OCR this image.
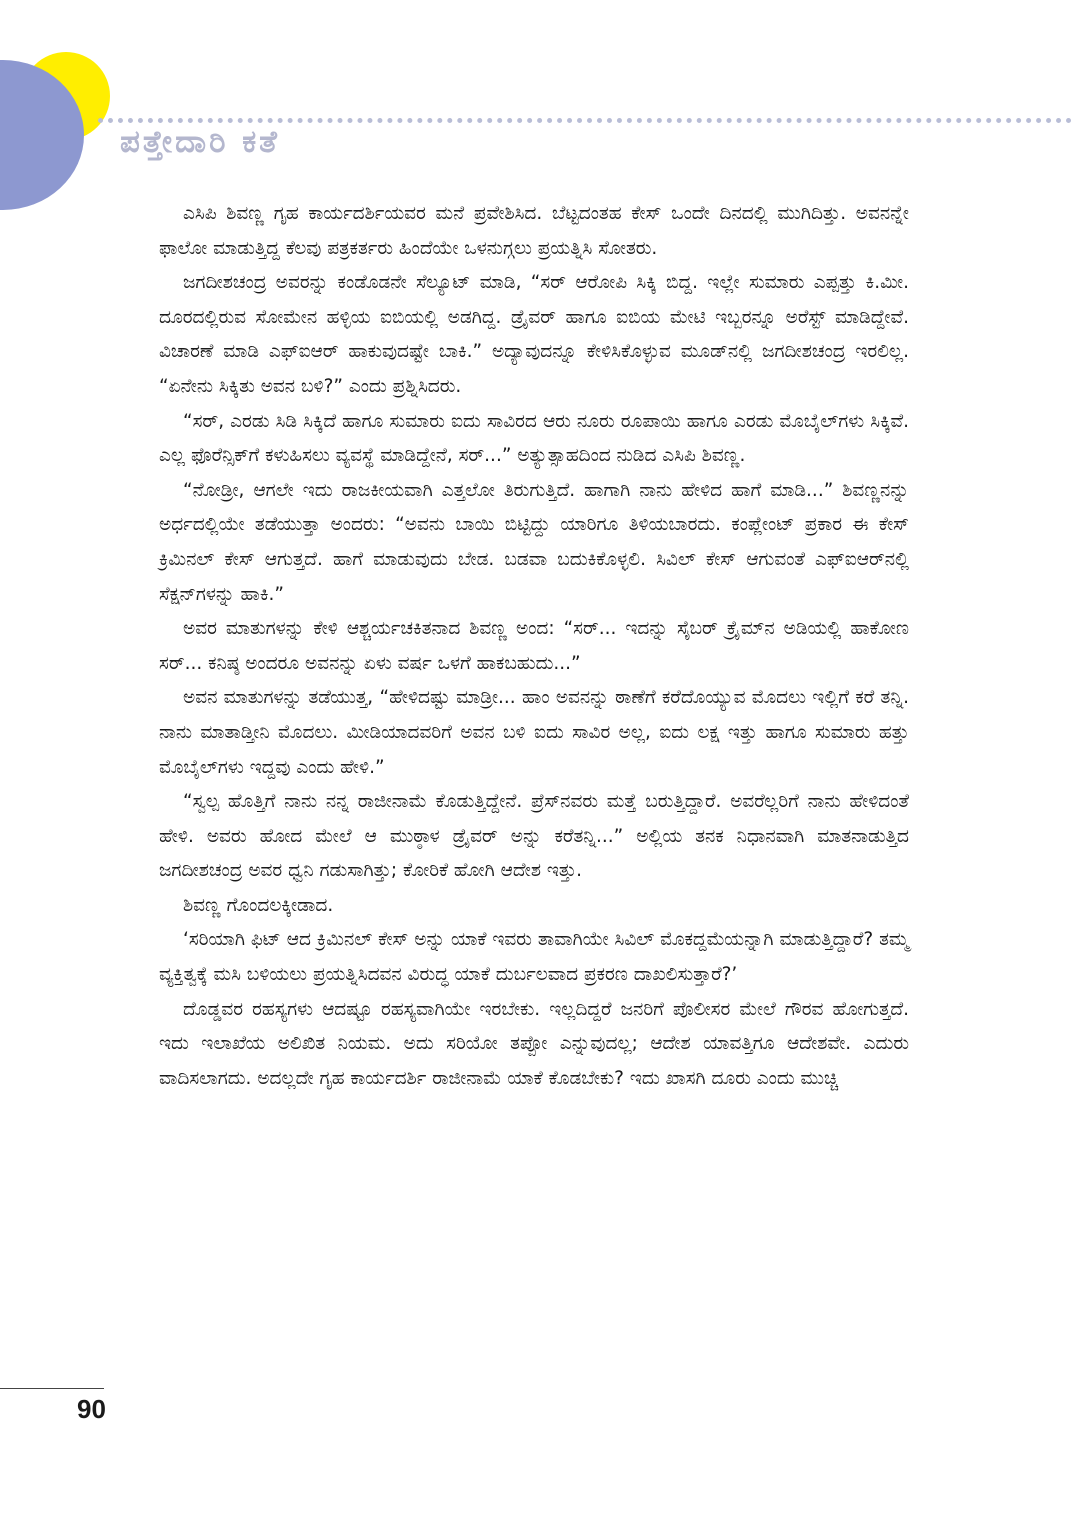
ಪತ್ತೇದಾರಿ ಕತೆ

ಎಸಿಪಿ ಶಿವಣ್ಣ ಗೃಹ ಕಾರ್ಯದರ್ಶಿಯವರ ಮನೆ ಪ್ರವೇಶಿಸಿದ. ಬೆಟ್ಟದಂತಹ ಕೇಸ್ ಒಂದೇ ದಿನದಲ್ಲಿ ಮುಗಿದಿತ್ತು. ಅವನನ್ನೇ ಫಾಲೋ ಮಾಡುತ್ತಿದ್ದ ಕೆಲವು ಪತ್ರಕರ್ತರು ಹಿಂದೆಯೇ ಒಳನುಗ್ಗಲು ಪ್ರಯತ್ನಿಸಿ ಸೋತರು.

ಜಗದೀಶಚಂದ್ರ ಅವರನ್ನು ಕಂಡೊಡನೇ ಸೆಲ್ಯೂಟ್ ಮಾಡಿ, “ಸರ್ ಆರೋಪಿ ಸಿಕ್ಕಿ ಬಿದ್ದ. ಇಲ್ಲೇ ಸುಮಾರು ಎಪ್ಪತ್ತು ಕಿ.ಮೀ. ದೂರದಲ್ಲಿರುವ ಸೋಮೇನ ಹಳ್ಳಿಯ ಐಬಿಯಲ್ಲಿ ಅಡಗಿದ್ದ. ಡ್ರೈವರ್ ಹಾಗೂ ಐಬಿಯ ಮೇಟಿ ಇಬ್ಬರನ್ನೂ ಅರೆಸ್ಟ್ ಮಾಡಿದ್ದೇವೆ. ವಿಚಾರಣೆ ಮಾಡಿ ಎಫ್ಐಆರ್ ಹಾಕುವುದಷ್ಟೇ ಬಾಕಿ.” ಅದ್ಯಾವುದನ್ನೂ ಕೇಳಿಸಿಕೊಳ್ಳುವ ಮೂಡ್‌ನಲ್ಲಿ ಜಗದೀಶಚಂದ್ರ ಇರಲಿಲ್ಲ. “ಏನೇನು ಸಿಕ್ಕಿತು ಅವನ ಬಳಿ?” ಎಂದು ಪ್ರಶ್ನಿಸಿದರು.

“ಸರ್, ಎರಡು ಸಿಡಿ ಸಿಕ್ಕಿದೆ ಹಾಗೂ ಸುಮಾರು ಐದು ಸಾವಿರದ ಆರು ನೂರು ರೂಪಾಯಿ ಹಾಗೂ ಎರಡು ಮೊಬೈಲ್‌ಗಳು ಸಿಕ್ಕಿವೆ. ಎಲ್ಲ ಫೊರೆನ್ಸಿಕ್‌ಗೆ ಕಳುಹಿಸಲು ವ್ಯವಸ್ಥೆ ಮಾಡಿದ್ದೇನೆ, ಸರ್...” ಅತ್ಯುತ್ಸಾಹದಿಂದ ನುಡಿದ ಎಸಿಪಿ ಶಿವಣ್ಣ.

“ನೋಡ್ರೀ, ಆಗಲೇ ಇದು ರಾಜಕೀಯವಾಗಿ ಎತ್ತಲೋ ತಿರುಗುತ್ತಿದೆ. ಹಾಗಾಗಿ ನಾನು ಹೇಳಿದ ಹಾಗೆ ಮಾಡಿ...” ಶಿವಣ್ಣನನ್ನು ಅರ್ಧದಲ್ಲಿಯೇ ತಡೆಯುತ್ತಾ ಅಂದರು: “ಅವನು ಬಾಯಿ ಬಿಟ್ಟಿದ್ದು ಯಾರಿಗೂ ತಿಳಿಯಬಾರದು. ಕಂಪ್ಲೇಂಟ್ ಪ್ರಕಾರ ಈ ಕೇಸ್ ಕ್ರಿಮಿನಲ್ ಕೇಸ್ ಆಗುತ್ತದೆ. ಹಾಗೆ ಮಾಡುವುದು ಬೇಡ. ಬಡವಾ ಬದುಕಿಕೊಳ್ಳಲಿ. ಸಿವಿಲ್ ಕೇಸ್ ಆಗುವಂತೆ ಎಫ್ಐಆರ್‌ನಲ್ಲಿ ಸೆಕ್ಷನ್‌ಗಳನ್ನು ಹಾಕಿ.”

ಅವರ ಮಾತುಗಳನ್ನು ಕೇಳಿ ಆಶ್ಚರ್ಯಚಕಿತನಾದ ಶಿವಣ್ಣ ಅಂದ: “ಸರ್... ಇದನ್ನು ಸೈಬರ್ ಕ್ರೈಮ್‌ನ ಅಡಿಯಲ್ಲಿ ಹಾಕೋಣ ಸರ್... ಕನಿಷ್ಠ ಅಂದರೂ ಅವನನ್ನು ಏಳು ವರ್ಷ ಒಳಗೆ ಹಾಕಬಹುದು...”

ಅವನ ಮಾತುಗಳನ್ನು ತಡೆಯುತ್ತ, “ಹೇಳಿದಷ್ಟು ಮಾಡ್ರೀ... ಹಾಂ ಅವನನ್ನು ಠಾಣೆಗೆ ಕರೆದೊಯ್ಯುವ ಮೊದಲು ಇಲ್ಲಿಗೆ ಕರೆ ತನ್ನಿ. ನಾನು ಮಾತಾಡ್ತೀನಿ ಮೊದಲು. ಮೀಡಿಯಾದವರಿಗೆ ಅವನ ಬಳಿ ಐದು ಸಾವಿರ ಅಲ್ಲ, ಐದು ಲಕ್ಷ ಇತ್ತು ಹಾಗೂ ಸುಮಾರು ಹತ್ತು ಮೊಬೈಲ್‌ಗಳು ಇದ್ದವು ಎಂದು ಹೇಳಿ.”

“ಸ್ವಲ್ಪ ಹೊತ್ತಿಗೆ ನಾನು ನನ್ನ ರಾಜೀನಾಮೆ ಕೊಡುತ್ತಿದ್ದೇನೆ. ಪ್ರೆಸ್‌ನವರು ಮತ್ತೆ ಬರುತ್ತಿದ್ದಾರೆ. ಅವರೆಲ್ಲರಿಗೆ ನಾನು ಹೇಳಿದಂತೆ ಹೇಳಿ. ಅವರು ಹೋದ ಮೇಲೆ ಆ ಮುಠ್ಠಾಳ ಡ್ರೈವರ್ ಅನ್ನು ಕರೆತನ್ನಿ...” ಅಲ್ಲಿಯ ತನಕ ನಿಧಾನವಾಗಿ ಮಾತನಾಡುತ್ತಿದ ಜಗದೀಶಚಂದ್ರ ಅವರ ಧ್ವನಿ ಗಡುಸಾಗಿತ್ತು; ಕೋರಿಕೆ ಹೋಗಿ ಆದೇಶ ಇತ್ತು.

ಶಿವಣ್ಣ ಗೊಂದಲಕ್ಕೀಡಾದ.

‘ಸರಿಯಾಗಿ ಫಿಟ್ ಆದ ಕ್ರಿಮಿನಲ್ ಕೇಸ್ ಅನ್ನು ಯಾಕೆ ಇವರು ತಾವಾಗಿಯೇ ಸಿವಿಲ್ ಮೊಕದ್ದಮೆಯನ್ನಾಗಿ ಮಾಡುತ್ತಿದ್ದಾರೆ? ತಮ್ಮ ವ್ಯಕ್ತಿತ್ವಕ್ಕೆ ಮಸಿ ಬಳಿಯಲು ಪ್ರಯತ್ನಿಸಿದವನ ವಿರುದ್ಧ ಯಾಕೆ ದುರ್ಬಲವಾದ ಪ್ರಕರಣ ದಾಖಲಿಸುತ್ತಾರೆ?’

ದೊಡ್ಡವರ ರಹಸ್ಯಗಳು ಆದಷ್ಟೂ ರಹಸ್ಯವಾಗಿಯೇ ಇರಬೇಕು. ಇಲ್ಲದಿದ್ದರೆ ಜನರಿಗೆ ಪೊಲೀಸರ ಮೇಲೆ ಗೌರವ ಹೋಗುತ್ತದೆ. ಇದು ಇಲಾಖೆಯ ಅಲಿಖಿತ ನಿಯಮ. ಅದು ಸರಿಯೋ ತಪ್ಪೋ ಎನ್ನುವುದಲ್ಲ; ಆದೇಶ ಯಾವತ್ತಿಗೂ ಆದೇಶವೇ. ಎದುರು ವಾದಿಸಲಾಗದು. ಅದಲ್ಲದೇ ಗೃಹ ಕಾರ್ಯದರ್ಶಿ ರಾಜೀನಾಮೆ ಯಾಕೆ ಕೊಡಬೇಕು? ಇದು ಖಾಸಗಿ ದೂರು ಎಂದು ಮುಚ್ಚಿ

90
